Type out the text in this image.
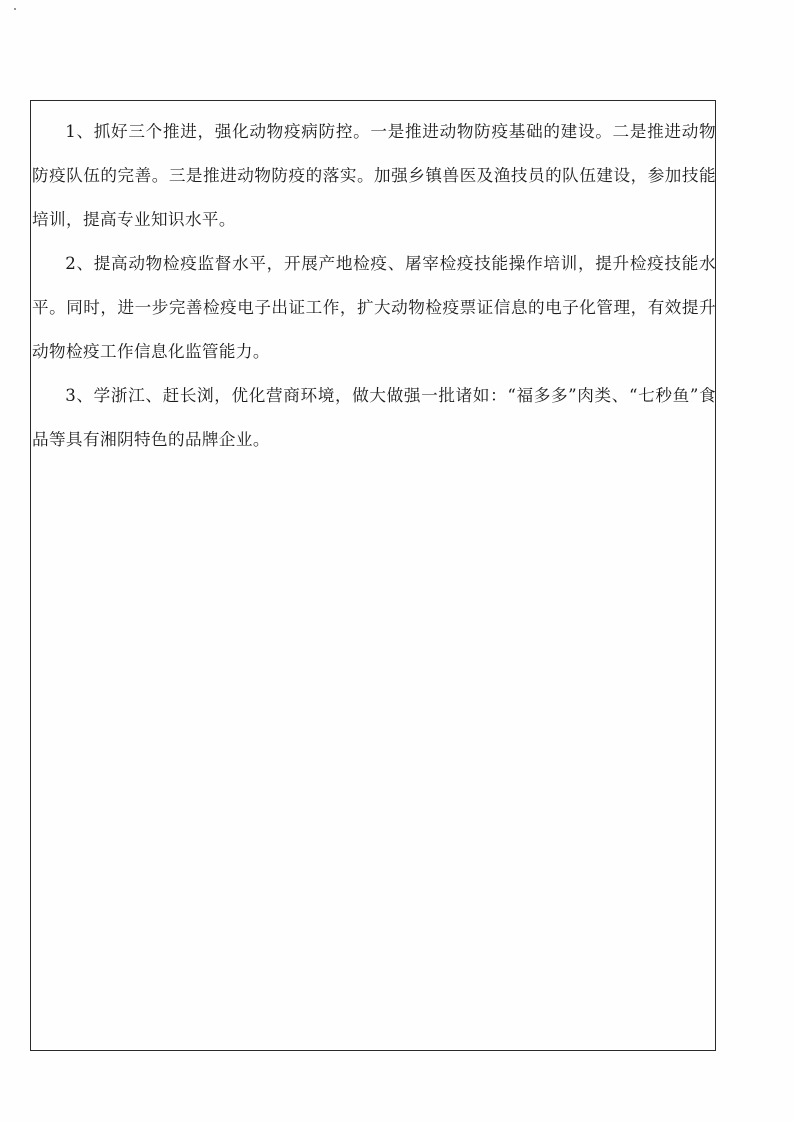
1、抓好三个推进，强化动物疫病防控。一是推进动物防疫基础的建设。二是推进动物防疫队伍的完善。三是推进动物防疫的落实。加强乡镇兽医及渔技员的队伍建设，参加技能培训，提高专业知识水平。

2、提高动物检疫监督水平，开展产地检疫、屠宰检疫技能操作培训，提升检疫技能水平。同时，进一步完善检疫电子出证工作，扩大动物检疫票证信息的电子化管理，有效提升动物检疫工作信息化监管能力。

3、学浙江、赶长浏，优化营商环境，做大做强一批诸如：“福多多”肉类、“七秒鱼”食品等具有湘阴特色的品牌企业。
